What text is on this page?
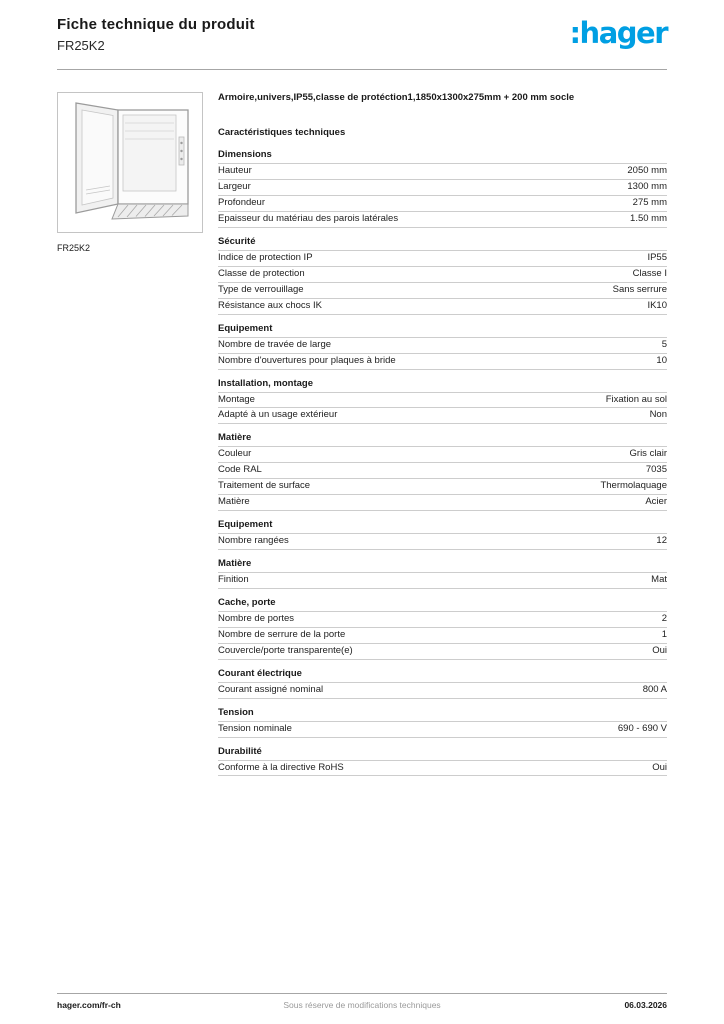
Fiche technique du produit
FR25K2	:hager
FR25K2
Armoire,univers,IP55,classe de protéction1,1850x1300x275mm + 200 mm socle
Caractéristiques techniques
Dimensions
Hauteur	2050 mm
Largeur	1300 mm
Profondeur	275 mm
Epaisseur du matériau des parois latérales	1.50 mm
Sécurité
Indice de protection IP	IP55
Classe de protection	Classe I
Type de verrouillage	Sans serrure
Résistance aux chocs IK	IK10
Equipement
Nombre de travée de large	5
Nombre d'ouvertures pour plaques à bride	10
Installation, montage
Montage	Fixation au sol
Adapté à un usage extérieur	Non
Matière
Couleur	Gris clair
Code RAL	7035
Traitement de surface	Thermolaquage
Matière	Acier
Equipement
Nombre rangées	12
Matière
Finition	Mat
Cache, porte
Nombre de portes	2
Nombre de serrure de la porte	1
Couvercle/porte transparente(e)	Oui
Courant électrique
Courant assigné nominal	800 A
Tension
Tension nominale	690 - 690 V
Durabilité
Conforme à la directive RoHS	Oui
hager.com/fr-ch	Sous réserve de modifications techniques	06.03.2026
